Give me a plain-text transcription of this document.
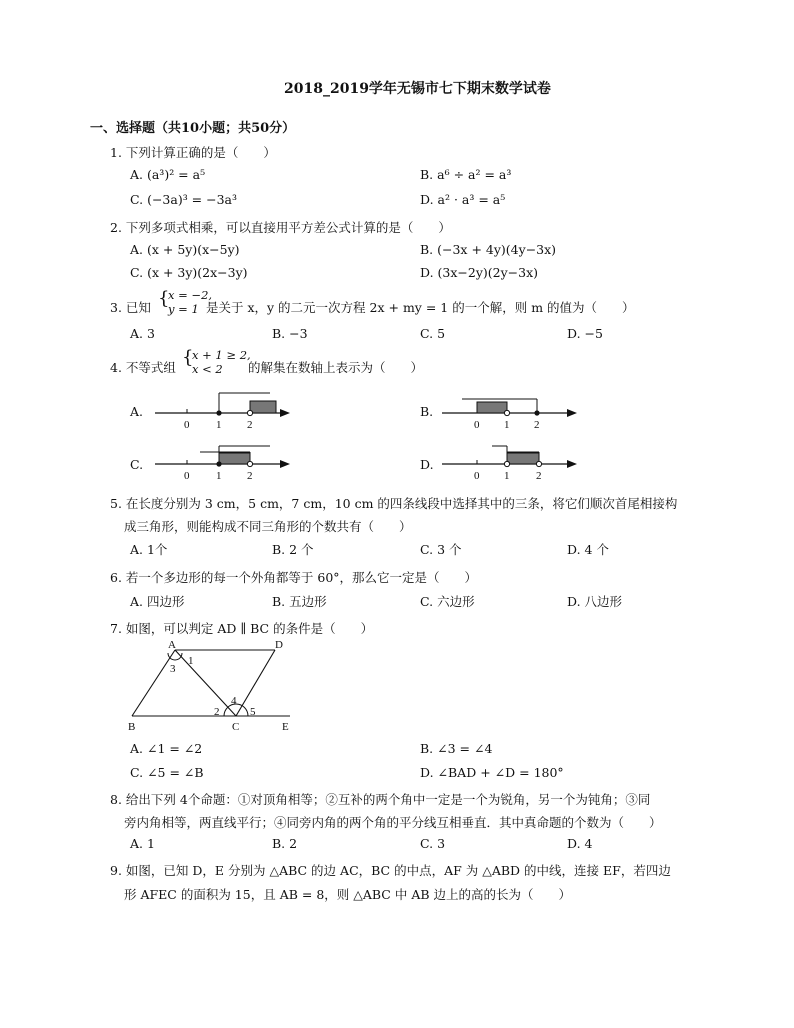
2018_2019学年无锡市七下期末数学试卷
一、选择题（共10小题；共50分）
1. 下列计算正确的是（　　）
A. (a³)² = a⁵	B. a⁶ ÷ a² = a³
C. (−3a)³ = −3a³	D. a² · a³ = a⁵
2. 下列多项式相乘，可以直接用平方差公式计算的是（　　）
A. (x + 5y)(x−5y)	B. (−3x + 4y)(4y−3x)
C. (x + 3y)(2x−3y)	D. (3x−2y)(2y−3x)
3. 已知 {
x = −2,
y = 1 是关于 x，y 的二元一次方程 2x + my = 1 的一个解，则 m 的值为（　　）
A. 3	B. −3	C. 5	D. −5
4. 不等式组 {
x + 1 ≥ 2,
x < 2 的解集在数轴上表示为（　　）
A.
0 1 2
B.
0 1 2
C.
0 1 2
D.
0 1 2
5. 在长度分别为 3 cm，5 cm，7 cm，10 cm 的四条线段中选择其中的三条，将它们顺次首尾相接构
成三角形，则能构成不同三角形的个数共有（　　）
A. 1个	B. 2 个	C. 3 个	D. 4 个
6. 若一个多边形的每一个外角都等于 60°，那么它一定是（　　）
A. 四边形	B. 五边形	C. 六边形	D. 八边形
7. 如图，可以判定 AD ∥ BC 的条件是（　　）
A	D
B	C	E
1
3
2
4
5
A. ∠1 = ∠2	B. ∠3 = ∠4
C. ∠5 = ∠B	D. ∠BAD + ∠D = 180°
8. 给出下列 4个命题：①对顶角相等；②互补的两个角中一定是一个为锐角，另一个为钝角；③同
旁内角相等，两直线平行；④同旁内角的两个角的平分线互相垂直．其中真命题的个数为（　　）
A. 1	B. 2	C. 3	D. 4
9. 如图，已知 D，E 分别为 △ABC 的边 AC，BC 的中点，AF 为 △ABD 的中线，连接 EF，若四边
形 AFEC 的面积为 15，且 AB = 8，则 △ABC 中 AB 边上的高的长为（　　）
